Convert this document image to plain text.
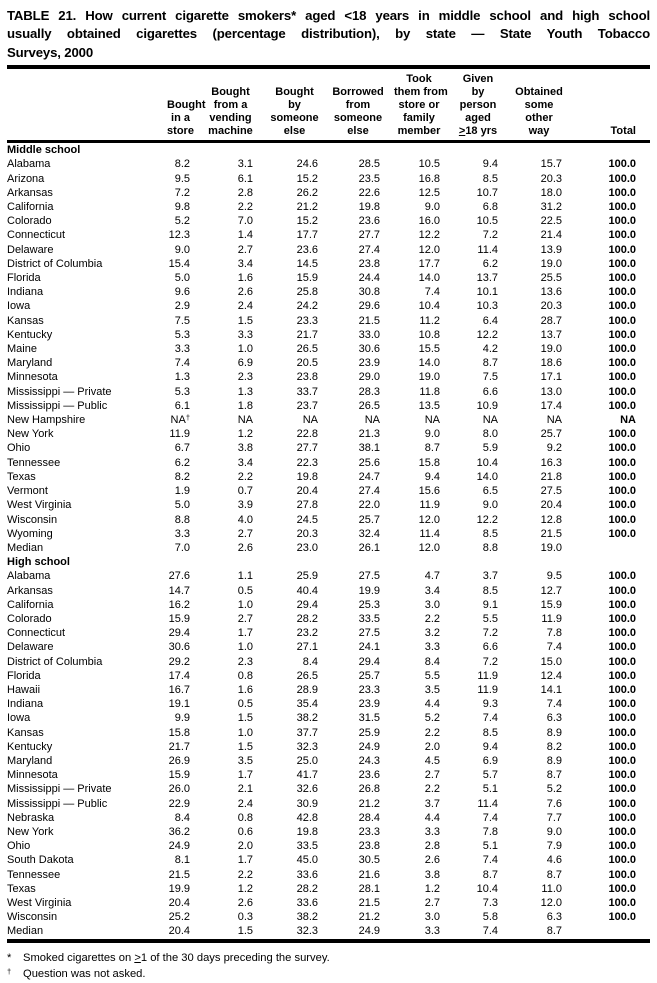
TABLE 21. How current cigarette smokers* aged <18 years in middle school and high school
usually obtained cigarettes (percentage distribution), by state — State Youth Tobacco
Surveys, 2000
	Bought
in a
store	Bought
from a
vending
machine	Bought
by
someone
else	Borrowed
from
someone
else	Took
them from
store or
family
member	Given
by
person
aged
>18 yrs	Obtained
some
other
way	Total
Middle school								
Alabama	8.2	3.1	24.6	28.5	10.5	9.4	15.7	100.0
Arizona	9.5	6.1	15.2	23.5	16.8	8.5	20.3	100.0
Arkansas	7.2	2.8	26.2	22.6	12.5	10.7	18.0	100.0
California	9.8	2.2	21.2	19.8	9.0	6.8	31.2	100.0
Colorado	5.2	7.0	15.2	23.6	16.0	10.5	22.5	100.0
Connecticut	12.3	1.4	17.7	27.7	12.2	7.2	21.4	100.0
Delaware	9.0	2.7	23.6	27.4	12.0	11.4	13.9	100.0
District of Columbia	15.4	3.4	14.5	23.8	17.7	6.2	19.0	100.0
Florida	5.0	1.6	15.9	24.4	14.0	13.7	25.5	100.0
Indiana	9.6	2.6	25.8	30.8	7.4	10.1	13.6	100.0
Iowa	2.9	2.4	24.2	29.6	10.4	10.3	20.3	100.0
Kansas	7.5	1.5	23.3	21.5	11.2	6.4	28.7	100.0
Kentucky	5.3	3.3	21.7	33.0	10.8	12.2	13.7	100.0
Maine	3.3	1.0	26.5	30.6	15.5	4.2	19.0	100.0
Maryland	7.4	6.9	20.5	23.9	14.0	8.7	18.6	100.0
Minnesota	1.3	2.3	23.8	29.0	19.0	7.5	17.1	100.0
Mississippi — Private	5.3	1.3	33.7	28.3	11.8	6.6	13.0	100.0
Mississippi — Public	6.1	1.8	23.7	26.5	13.5	10.9	17.4	100.0
New Hampshire	NA†	NA	NA	NA	NA	NA	NA	NA
New York	11.9	1.2	22.8	21.3	9.0	8.0	25.7	100.0
Ohio	6.7	3.8	27.7	38.1	8.7	5.9	9.2	100.0
Tennessee	6.2	3.4	22.3	25.6	15.8	10.4	16.3	100.0
Texas	8.2	2.2	19.8	24.7	9.4	14.0	21.8	100.0
Vermont	1.9	0.7	20.4	27.4	15.6	6.5	27.5	100.0
West Virginia	5.0	3.9	27.8	22.0	11.9	9.0	20.4	100.0
Wisconsin	8.8	4.0	24.5	25.7	12.0	12.2	12.8	100.0
Wyoming	3.3	2.7	20.3	32.4	11.4	8.5	21.5	100.0
Median	7.0	2.6	23.0	26.1	12.0	8.8	19.0	
High school								
Alabama	27.6	1.1	25.9	27.5	4.7	3.7	9.5	100.0
Arkansas	14.7	0.5	40.4	19.9	3.4	8.5	12.7	100.0
California	16.2	1.0	29.4	25.3	3.0	9.1	15.9	100.0
Colorado	15.9	2.7	28.2	33.5	2.2	5.5	11.9	100.0
Connecticut	29.4	1.7	23.2	27.5	3.2	7.2	7.8	100.0
Delaware	30.6	1.0	27.1	24.1	3.3	6.6	7.4	100.0
District of Columbia	29.2	2.3	8.4	29.4	8.4	7.2	15.0	100.0
Florida	17.4	0.8	26.5	25.7	5.5	11.9	12.4	100.0
Hawaii	16.7	1.6	28.9	23.3	3.5	11.9	14.1	100.0
Indiana	19.1	0.5	35.4	23.9	4.4	9.3	7.4	100.0
Iowa	9.9	1.5	38.2	31.5	5.2	7.4	6.3	100.0
Kansas	15.8	1.0	37.7	25.9	2.2	8.5	8.9	100.0
Kentucky	21.7	1.5	32.3	24.9	2.0	9.4	8.2	100.0
Maryland	26.9	3.5	25.0	24.3	4.5	6.9	8.9	100.0
Minnesota	15.9	1.7	41.7	23.6	2.7	5.7	8.7	100.0
Mississippi — Private	26.0	2.1	32.6	26.8	2.2	5.1	5.2	100.0
Mississippi — Public	22.9	2.4	30.9	21.2	3.7	11.4	7.6	100.0
Nebraska	8.4	0.8	42.8	28.4	4.4	7.4	7.7	100.0
New York	36.2	0.6	19.8	23.3	3.3	7.8	9.0	100.0
Ohio	24.9	2.0	33.5	23.8	2.8	5.1	7.9	100.0
South Dakota	8.1	1.7	45.0	30.5	2.6	7.4	4.6	100.0
Tennessee	21.5	2.2	33.6	21.6	3.8	8.7	8.7	100.0
Texas	19.9	1.2	28.2	28.1	1.2	10.4	11.0	100.0
West Virginia	20.4	2.6	33.6	21.5	2.7	7.3	12.0	100.0
Wisconsin	25.2	0.3	38.2	21.2	3.0	5.8	6.3	100.0
Median	20.4	1.5	32.3	24.9	3.3	7.4	8.7	
* Smoked cigarettes on >1 of the 30 days preceding the survey.
† Question was not asked.
